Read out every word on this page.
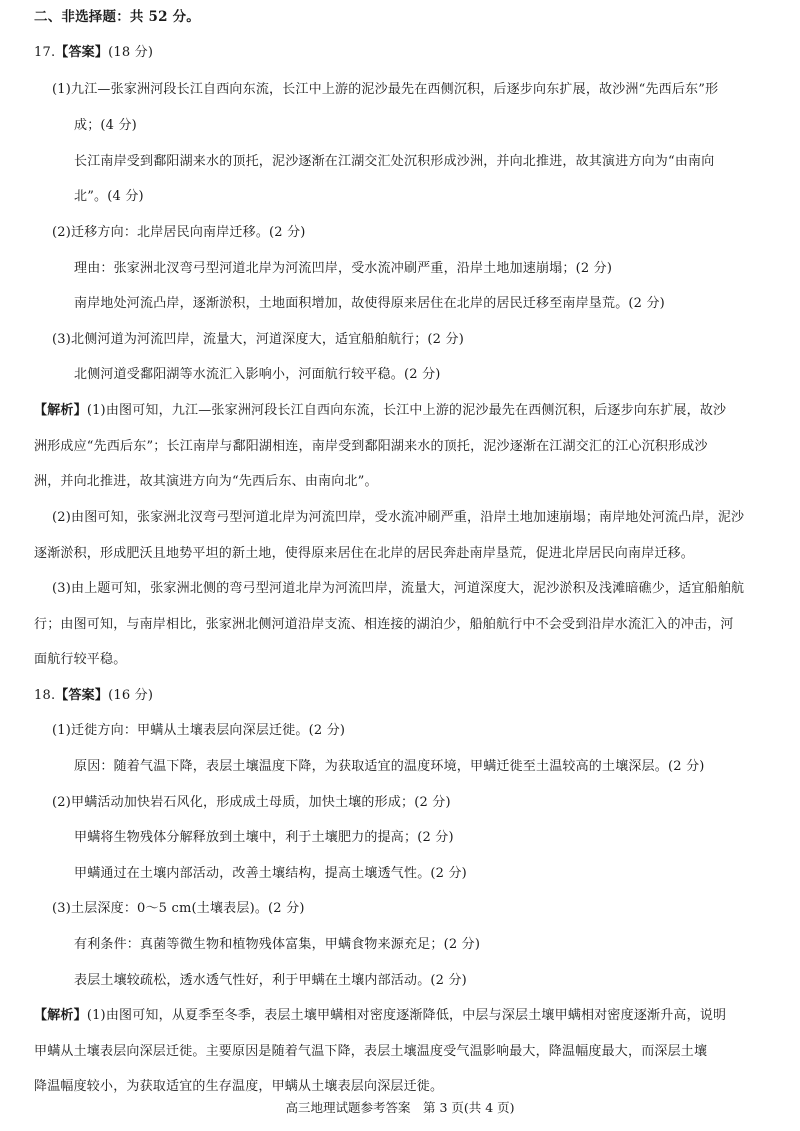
二、非选择题：共 52 分。
17.【答案】(18 分)
(1)九江—张家洲河段长江自西向东流，长江中上游的泥沙最先在西侧沉积，后逐步向东扩展，故沙洲“先西后东”形
成；(4 分)
长江南岸受到鄱阳湖来水的顶托，泥沙逐渐在江湖交汇处沉积形成沙洲，并向北推进，故其演进方向为“由南向
北”。(4 分)
(2)迁移方向：北岸居民向南岸迁移。(2 分)
理由：张家洲北汊弯弓型河道北岸为河流凹岸，受水流冲刷严重，沿岸土地加速崩塌；(2 分)
南岸地处河流凸岸，逐渐淤积，土地面积增加，故使得原来居住在北岸的居民迁移至南岸垦荒。(2 分)
(3)北侧河道为河流凹岸，流量大，河道深度大，适宜船舶航行；(2 分)
北侧河道受鄱阳湖等水流汇入影响小，河面航行较平稳。(2 分)
【解析】(1)由图可知，九江—张家洲河段长江自西向东流，长江中上游的泥沙最先在西侧沉积，后逐步向东扩展，故沙
洲形成应“先西后东”；长江南岸与鄱阳湖相连，南岸受到鄱阳湖来水的顶托，泥沙逐渐在江湖交汇的江心沉积形成沙
洲，并向北推进，故其演进方向为“先西后东、由南向北”。
(2)由图可知，张家洲北汊弯弓型河道北岸为河流凹岸，受水流冲刷严重，沿岸土地加速崩塌；南岸地处河流凸岸，泥沙
逐渐淤积，形成肥沃且地势平坦的新土地，使得原来居住在北岸的居民奔赴南岸垦荒，促进北岸居民向南岸迁移。
(3)由上题可知，张家洲北侧的弯弓型河道北岸为河流凹岸，流量大，河道深度大，泥沙淤积及浅滩暗礁少，适宜船舶航
行；由图可知，与南岸相比，张家洲北侧河道沿岸支流、相连接的湖泊少，船舶航行中不会受到沿岸水流汇入的冲击，河
面航行较平稳。
18.【答案】(16 分)
(1)迁徙方向：甲螨从土壤表层向深层迁徙。(2 分)
原因：随着气温下降，表层土壤温度下降，为获取适宜的温度环境，甲螨迁徙至土温较高的土壤深层。(2 分)
(2)甲螨活动加快岩石风化，形成成土母质，加快土壤的形成；(2 分)
甲螨将生物残体分解释放到土壤中，利于土壤肥力的提高；(2 分)
甲螨通过在土壤内部活动，改善土壤结构，提高土壤透气性。(2 分)
(3)土层深度：0～5 cm(土壤表层)。(2 分)
有利条件：真菌等微生物和植物残体富集，甲螨食物来源充足；(2 分)
表层土壤较疏松，透水透气性好，利于甲螨在土壤内部活动。(2 分)
【解析】(1)由图可知，从夏季至冬季，表层土壤甲螨相对密度逐渐降低，中层与深层土壤甲螨相对密度逐渐升高，说明
甲螨从土壤表层向深层迁徙。主要原因是随着气温下降，表层土壤温度受气温影响最大，降温幅度最大，而深层土壤
降温幅度较小，为获取适宜的生存温度，甲螨从土壤表层向深层迁徙。
高三地理试题参考答案　第 3 页(共 4 页)
